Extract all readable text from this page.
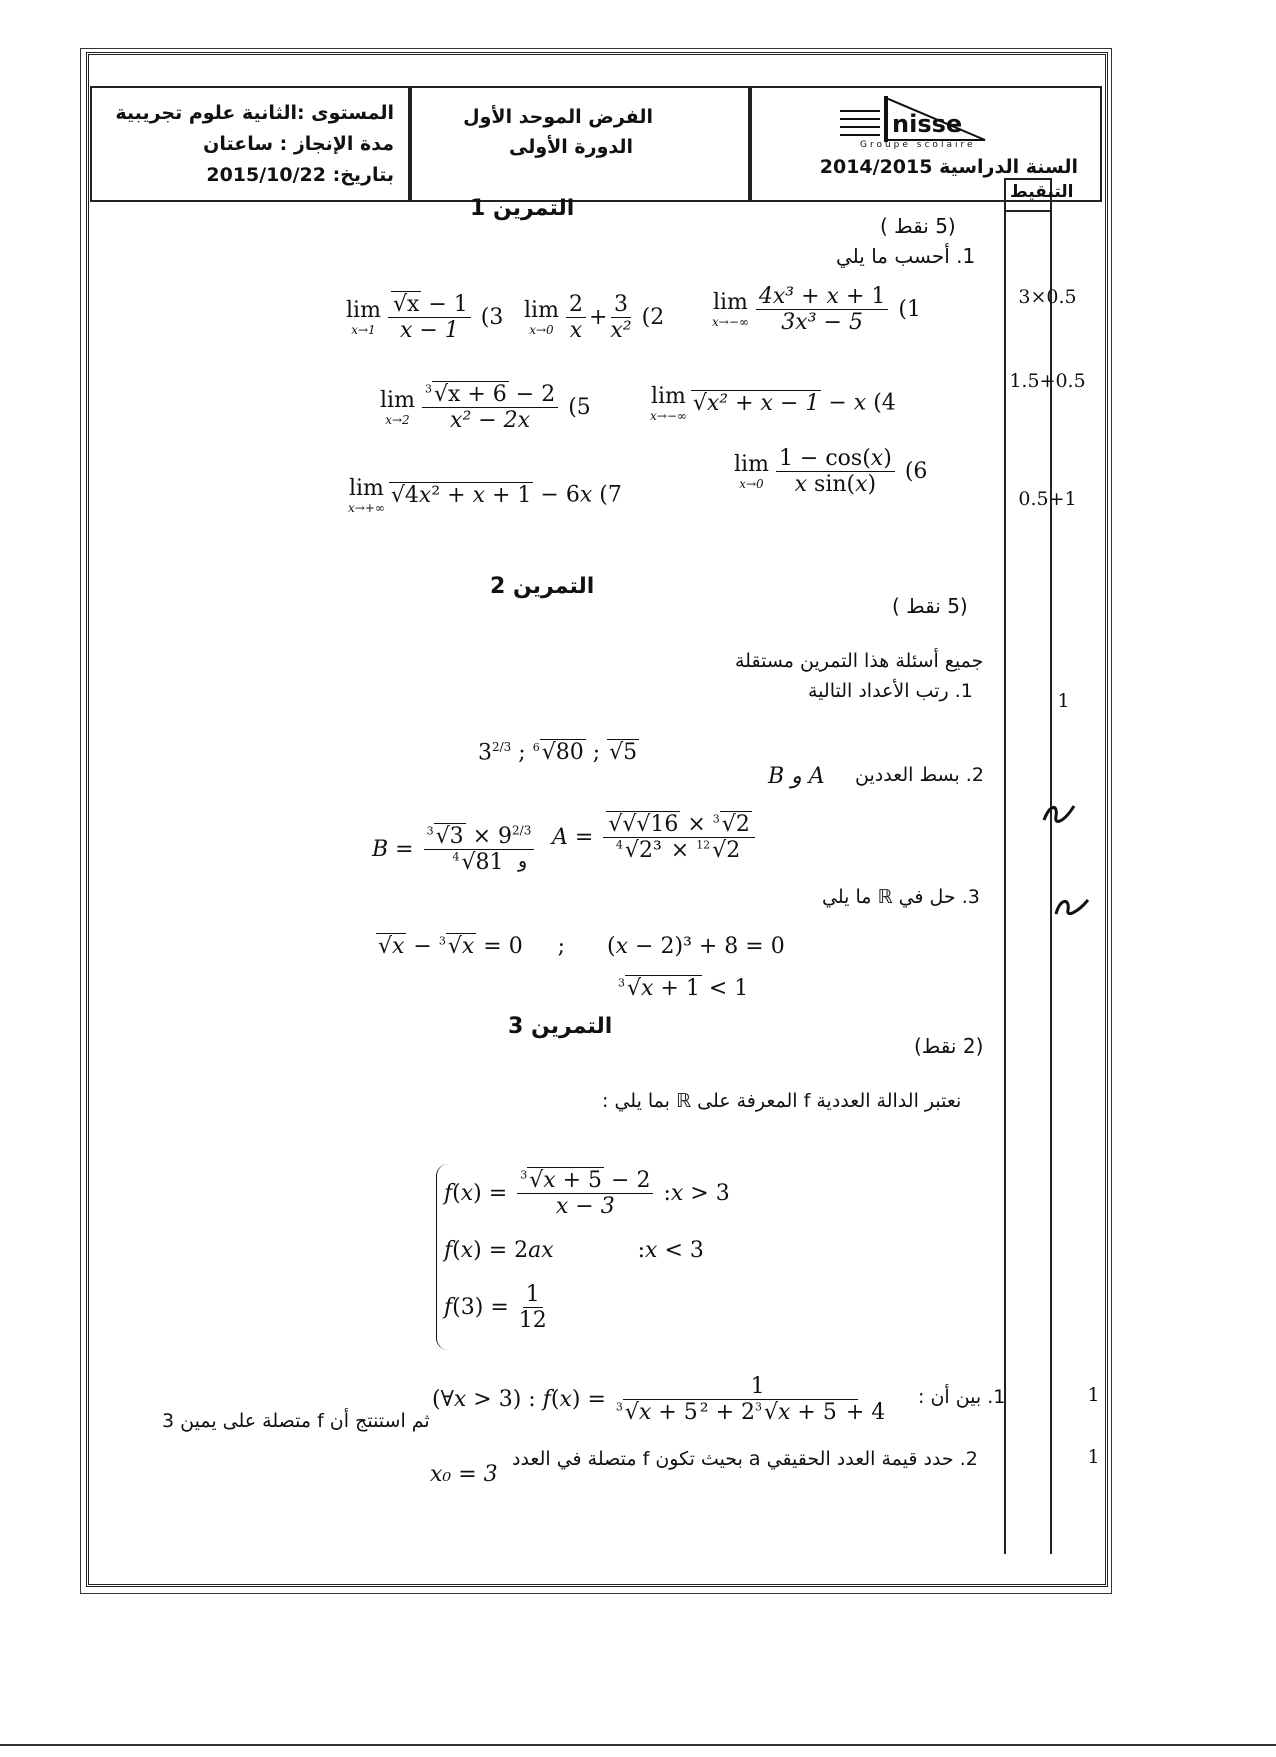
المستوى :الثانية علوم تجريبية
مدة الإنجاز : ساعتان
بتاريخ: 2015/10/22
الفرض الموحد الأول
الدورة الأولى
nisse
Groupe scolaire
السنة الدراسية 2014/2015
التنقيط
التمرين 1
(5 نقط )
1. أحسب ما يلي
lim
$x\to 1 \frac{√x - 1}{x - 1} (3$ lim
$x\to 0 \frac{2}{x} + \frac{3}{\text{x²}} (2$
lim
$x\to-\infty \frac{\text{4x³ + x + 1}}{\text{3x³ − 5}} (1$
lim
$x\to 2 \frac{^3√x + 6 - 2}{\text{x² − 2x}} (5$	lim
x→−∞
√x² + x − 1 − x (4
lim
x→+∞
√4x² + x + 1 − 6x (7
lim
$x\to 0 \frac{1 - \cos(x)}{\text{x sin(x)}} (6$
التمرين 2
(5 نقط )
جميع أسئلة هذا التمرين مستقلة
1. رتب الأعداد التالية
$3^{2/3}$ ; $^6$√80 ; √5
2. بسط العددين
B و A
$B = \frac{^3√3 \times 9^{2/3}}{^4√81}$
و
$A = \frac{√√√16 \times ^3√2}{^4√2^3 \times ^{12}√2}$
3. حل في ℝ ما يلي
√x − $^3$√x = 0     ;      (x − 2)³ + 8 = 0
$^3$√x + 1 < 1
التمرين 3
(2 نقط)
نعتبر الدالة العددية f المعرفة على ℝ بما يلي :
$f(x) = \frac{^3√x + 5 - 2}{x - 3}$ :x > 3
f(x) = 2ax            :x < 3
$f(3) = \frac{1}{12}$
1. بين أن :
(∀x > 3) : $f(x) = \frac{1}{^3√x + 5^2 + 2^3√x + 5 + 4}$
ثم استنتج أن f متصلة على يمين 3
2. حدد قيمة العدد الحقيقي a بحيث تكون f متصلة في العدد
x₀ = 3
3×0.5
1.5+0.5
0.5+1
1
1
1
